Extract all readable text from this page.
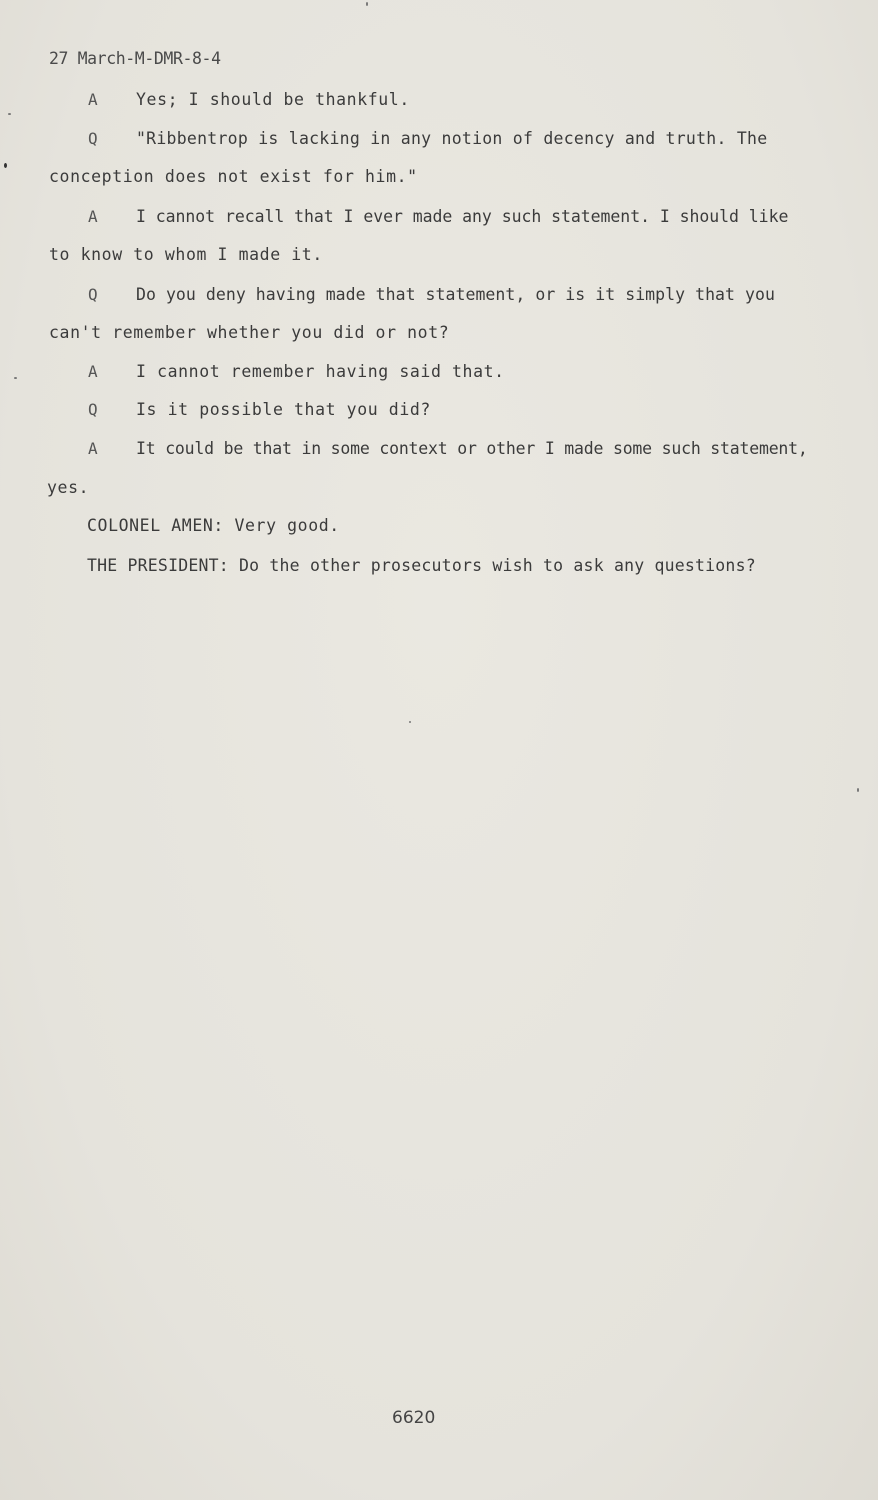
27 March-M-DMR-8-4
A Yes; I should be thankful.
Q "Ribbentrop is lacking in any notion of decency and truth. The
conception does not exist for him."
A I cannot recall that I ever made any such statement. I should like
to know to whom I made it.
Q Do you deny having made that statement, or is it simply that you
can't remember whether you did or not?
A I cannot remember having said that.
Q Is it possible that you did?
A It could be that in some context or other I made some such statement,
yes.
COLONEL AMEN: Very good.
THE PRESIDENT: Do the other prosecutors wish to ask any questions?
6620
